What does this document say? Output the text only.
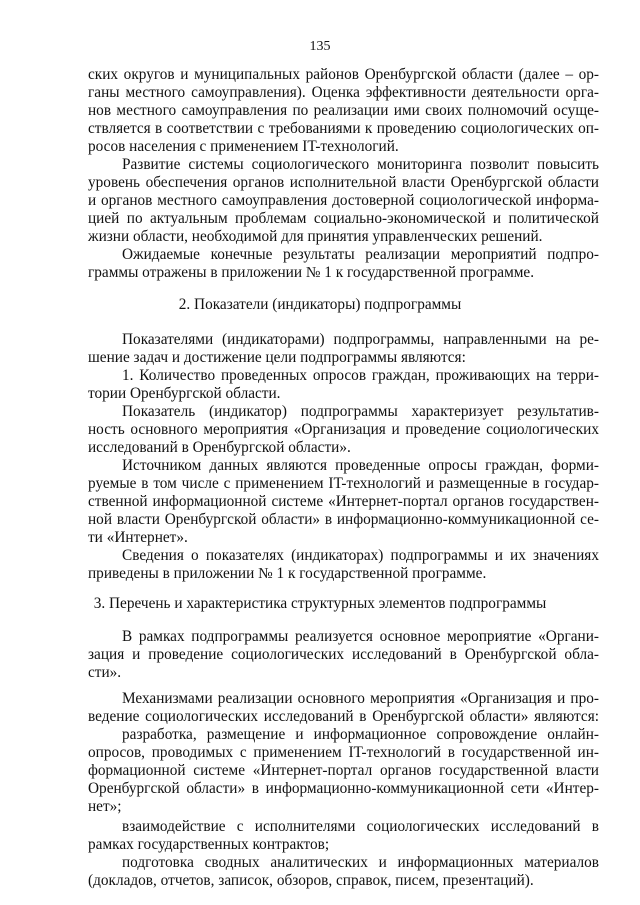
135
ских округов и муниципальных районов Оренбургской области (далее – ор-
ганы местного самоуправления). Оценка эффективности деятельности орга-
нов местного самоуправления по реализации ими своих полномочий осуще-
ствляется в соответствии с требованиями к проведению социологических оп-
росов населения с применением IT-технологий.
Развитие системы социологического мониторинга позволит повысить
уровень обеспечения органов исполнительной власти Оренбургской области
и органов местного самоуправления достоверной социологической информа-
цией по актуальным проблемам социально-экономической и политической
жизни области, необходимой для принятия управленческих решений.
Ожидаемые конечные результаты реализации мероприятий подпро-
граммы отражены в приложении № 1 к государственной программе.
2. Показатели (индикаторы) подпрограммы
Показателями (индикаторами) подпрограммы, направленными на ре-
шение задач и достижение цели подпрограммы являются:
1. Количество проведенных опросов граждан, проживающих на терри-
тории Оренбургской области.
Показатель (индикатор) подпрограммы характеризует результатив-
ность основного мероприятия «Организация и проведение социологических
исследований в Оренбургской области».
Источником данных являются проведенные опросы граждан, форми-
руемые в том числе с применением IT-технологий и размещенные в государ-
ственной информационной системе «Интернет-портал органов государствен-
ной власти Оренбургской области» в информационно-коммуникационной се-
ти «Интернет».
Сведения о показателях (индикаторах) подпрограммы и их значениях
приведены в приложении № 1 к государственной программе.
3. Перечень и характеристика структурных элементов подпрограммы
В рамках подпрограммы реализуется основное мероприятие «Органи-
зация и проведение социологических исследований в Оренбургской обла-
сти».
Механизмами реализации основного мероприятия «Организация и про-
ведение социологических исследований в Оренбургской области» являются:
разработка, размещение и информационное сопровождение онлайн-
опросов, проводимых с применением IT-технологий в государственной ин-
формационной системе «Интернет-портал органов государственной власти
Оренбургской области» в информационно-коммуникационной сети «Интер-
нет»;
взаимодействие с исполнителями социологических исследований в
рамках государственных контрактов;
подготовка сводных аналитических и информационных материалов
(докладов, отчетов, записок, обзоров, справок, писем, презентаций).
